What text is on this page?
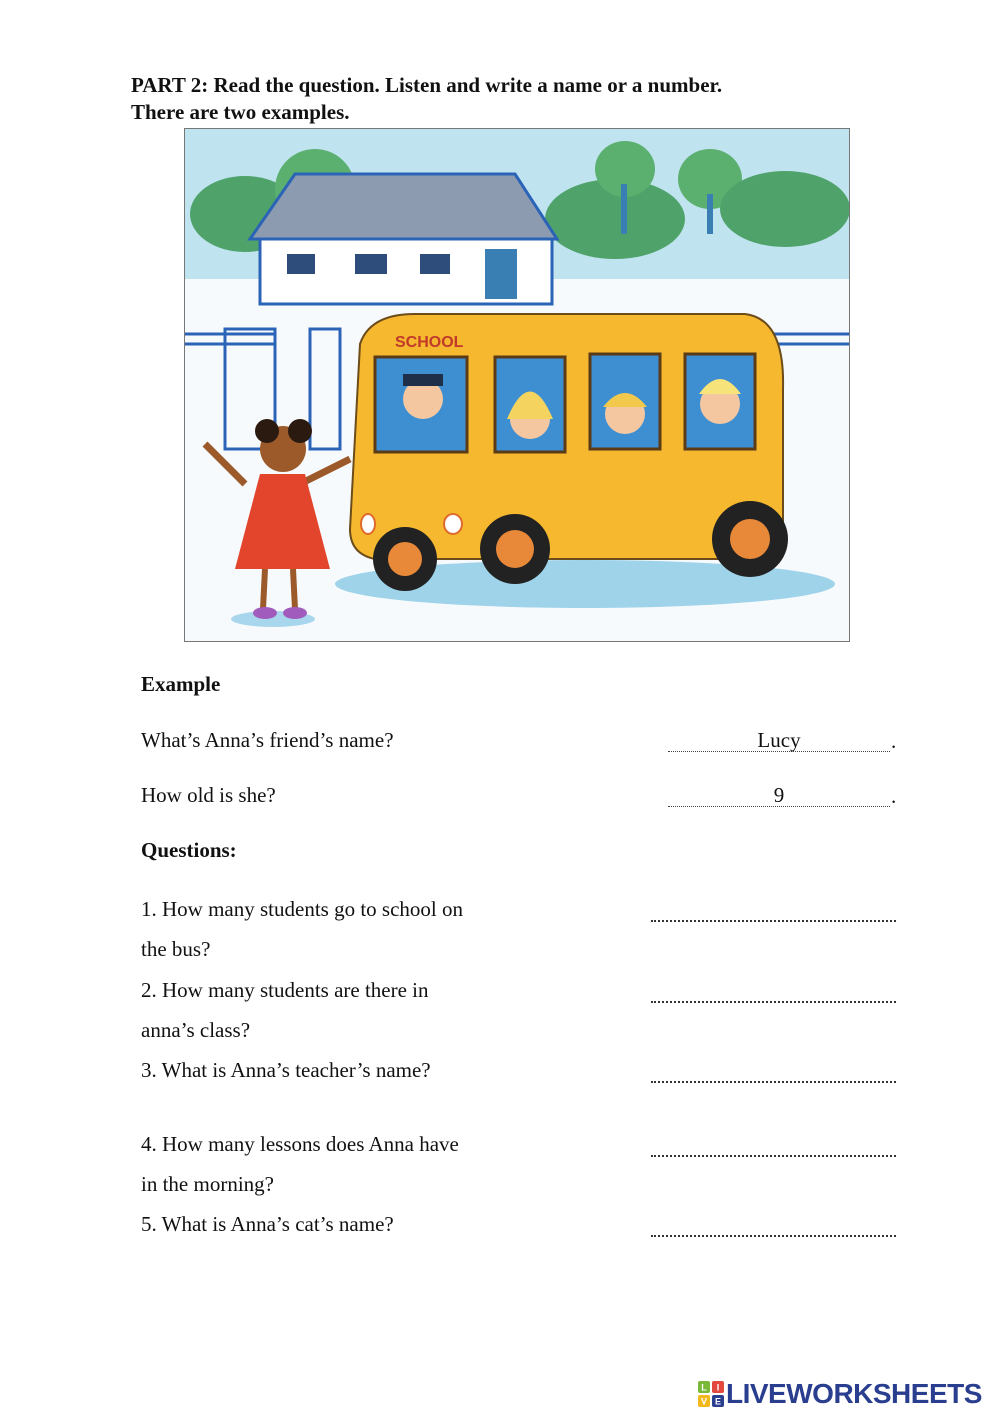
PART 2: Read the question. Listen and write a name or a number.
There are two examples.
SCHOOL
Example
What’s Anna’s friend’s name?	Lucy	.
How old is she?	9	.
Questions:
1. How many students go to school on
the bus?
2. How many students are there in
anna’s class?
3. What is Anna’s teacher’s name?
4. How many lessons does Anna have
in the morning?
5. What is Anna’s cat’s name?
L I
V E LIVEWORKSHEETS
